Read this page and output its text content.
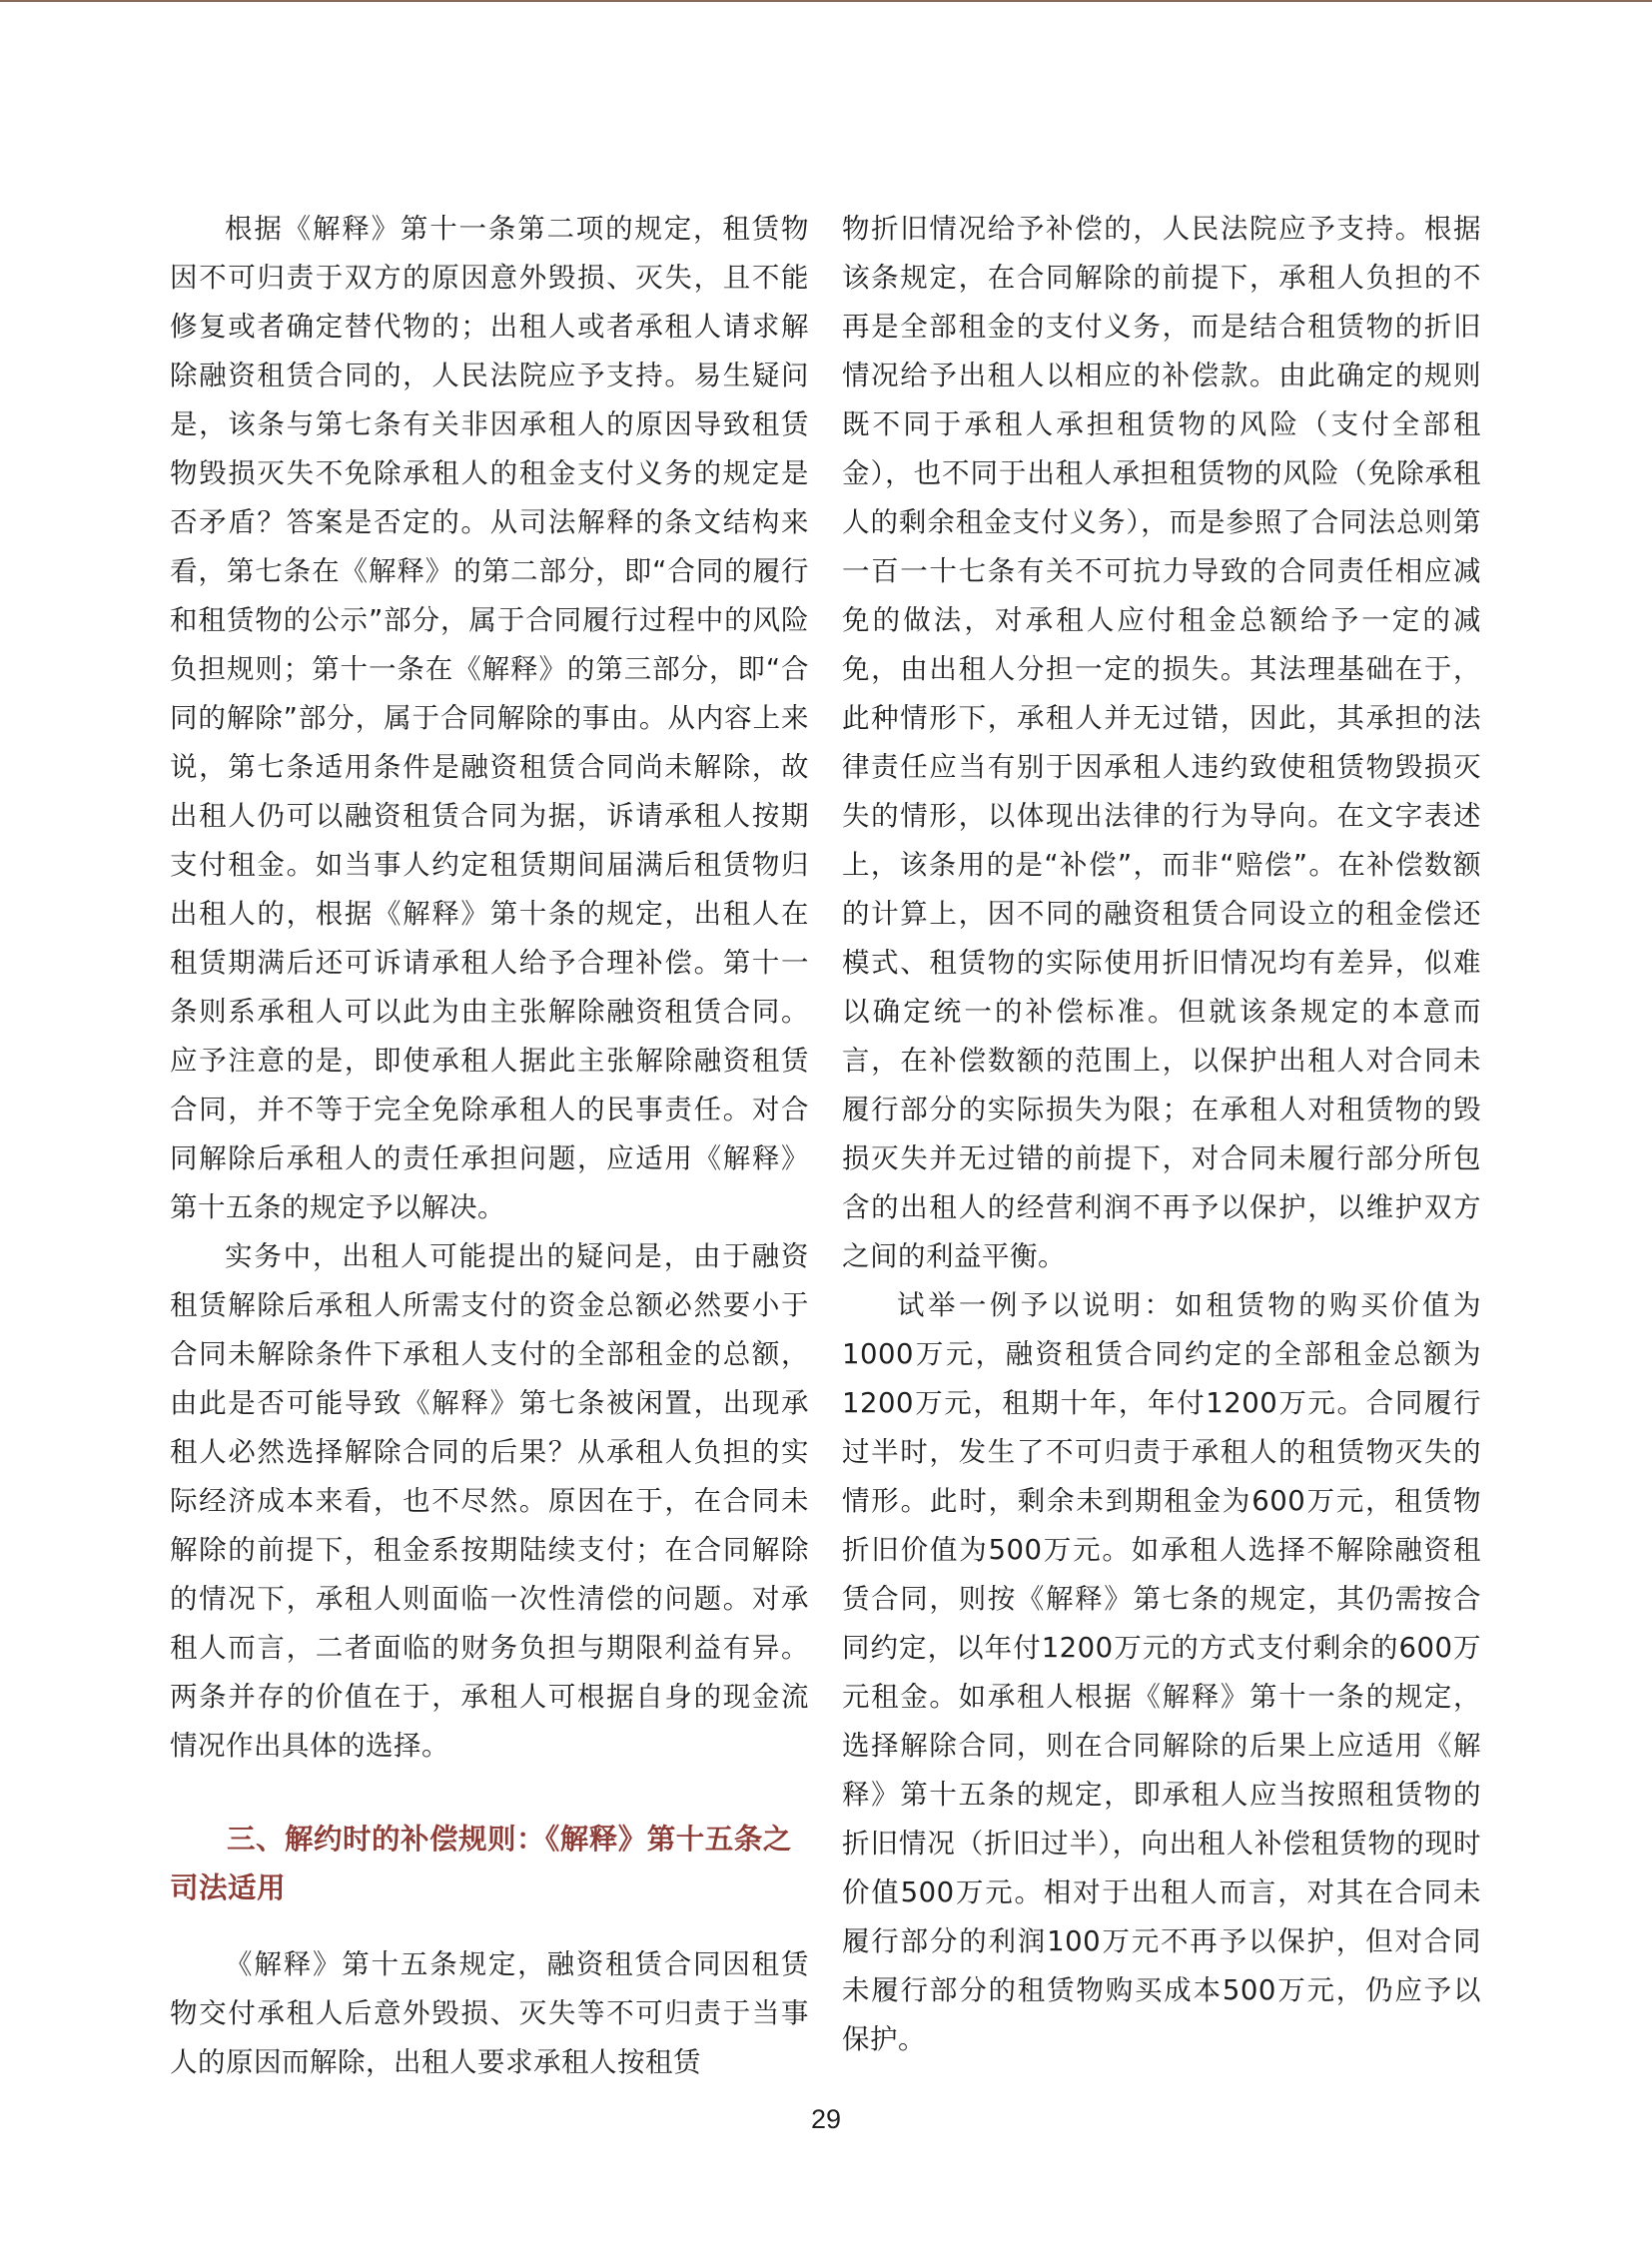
根据《解释》第十一条第二项的规定，租赁物因不可归责于双方的原因意外毁损、灭失，且不能修复或者确定替代物的；出租人或者承租人请求解除融资租赁合同的，人民法院应予支持。易生疑问是，该条与第七条有关非因承租人的原因导致租赁物毁损灭失不免除承租人的租金支付义务的规定是否矛盾？答案是否定的。从司法解释的条文结构来看，第七条在《解释》的第二部分，即“合同的履行和租赁物的公示”部分，属于合同履行过程中的风险负担规则；第十一条在《解释》的第三部分，即“合同的解除”部分，属于合同解除的事由。从内容上来说，第七条适用条件是融资租赁合同尚未解除，故出租人仍可以融资租赁合同为据，诉请承租人按期支付租金。如当事人约定租赁期间届满后租赁物归出租人的，根据《解释》第十条的规定，出租人在租赁期满后还可诉请承租人给予合理补偿。第十一条则系承租人可以此为由主张解除融资租赁合同。应予注意的是，即使承租人据此主张解除融资租赁合同，并不等于完全免除承租人的民事责任。对合同解除后承租人的责任承担问题，应适用《解释》第十五条的规定予以解决。

实务中，出租人可能提出的疑问是，由于融资租赁解除后承租人所需支付的资金总额必然要小于合同未解除条件下承租人支付的全部租金的总额，由此是否可能导致《解释》第七条被闲置，出现承租人必然选择解除合同的后果？从承租人负担的实际经济成本来看，也不尽然。原因在于，在合同未解除的前提下，租金系按期陆续支付；在合同解除的情况下，承租人则面临一次性清偿的问题。对承租人而言，二者面临的财务负担与期限利益有异。两条并存的价值在于，承租人可根据自身的现金流情况作出具体的选择。

三、解约时的补偿规则：《解释》第十五条之司法适用

《解释》第十五条规定，融资租赁合同因租赁物交付承租人后意外毁损、灭失等不可归责于当事人的原因而解除，出租人要求承租人按租赁

物折旧情况给予补偿的，人民法院应予支持。根据该条规定，在合同解除的前提下，承租人负担的不再是全部租金的支付义务，而是结合租赁物的折旧情况给予出租人以相应的补偿款。由此确定的规则既不同于承租人承担租赁物的风险（支付全部租金），也不同于出租人承担租赁物的风险（免除承租人的剩余租金支付义务），而是参照了合同法总则第一百一十七条有关不可抗力导致的合同责任相应减免的做法，对承租人应付租金总额给予一定的减免，由出租人分担一定的损失。其法理基础在于，此种情形下，承租人并无过错，因此，其承担的法律责任应当有别于因承租人违约致使租赁物毁损灭失的情形，以体现出法律的行为导向。在文字表述上，该条用的是“补偿”，而非“赔偿”。在补偿数额的计算上，因不同的融资租赁合同设立的租金偿还模式、租赁物的实际使用折旧情况均有差异，似难以确定统一的补偿标准。但就该条规定的本意而言，在补偿数额的范围上，以保护出租人对合同未履行部分的实际损失为限；在承租人对租赁物的毁损灭失并无过错的前提下，对合同未履行部分所包含的出租人的经营利润不再予以保护，以维护双方之间的利益平衡。

试举一例予以说明：如租赁物的购买价值为1000万元，融资租赁合同约定的全部租金总额为1200万元，租期十年，年付1200万元。合同履行过半时，发生了不可归责于承租人的租赁物灭失的情形。此时，剩余未到期租金为600万元，租赁物折旧价值为500万元。如承租人选择不解除融资租赁合同，则按《解释》第七条的规定，其仍需按合同约定，以年付1200万元的方式支付剩余的600万元租金。如承租人根据《解释》第十一条的规定，选择解除合同，则在合同解除的后果上应适用《解释》第十五条的规定，即承租人应当按照租赁物的折旧情况（折旧过半），向出租人补偿租赁物的现时价值500万元。相对于出租人而言，对其在合同未履行部分的利润100万元不再予以保护，但对合同未履行部分的租赁物购买成本500万元，仍应予以保护。

29
